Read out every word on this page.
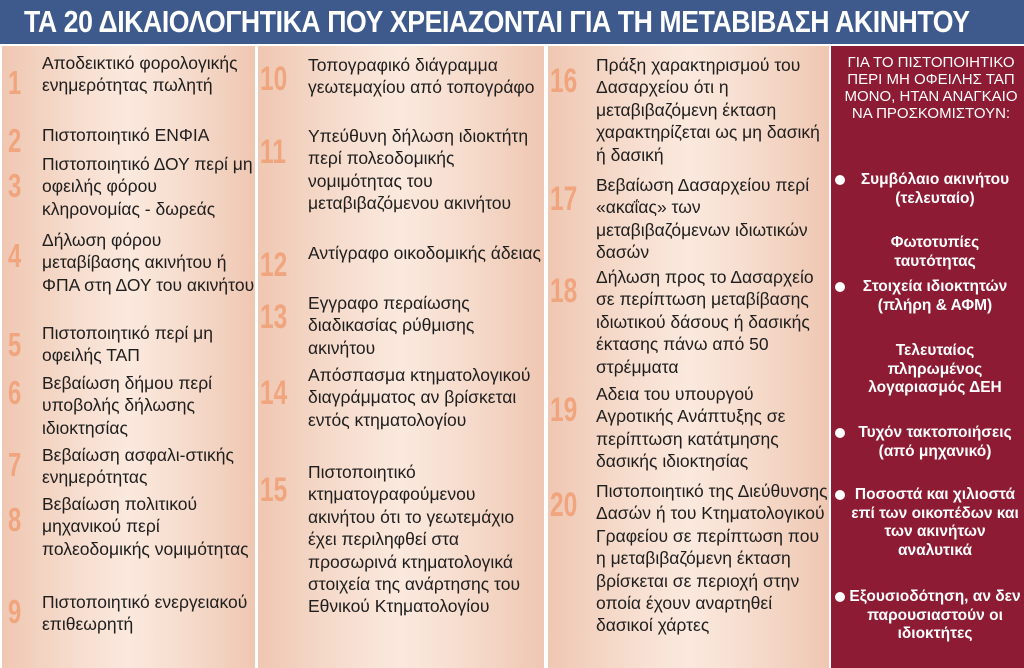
ΤΑ 20 ΔΙΚΑΙΟΛΟΓΗΤΙΚΑ ΠΟΥ ΧΡΕΙΑΖΟΝΤΑΙ ΓΙΑ ΤΗ ΜΕΤΑΒΙΒΑΣΗ ΑΚΙΝΗΤΟΥ
1
Αποδεικτικό φορολογικής ενημερότητας πωλητή
2 Πιστοποιητικό ΕΝΦΙΑ
3
Πιστοποιητικό ΔΟΥ περί μη οφειλής φόρου κληρονομίας - δωρεάς
4 Δήλωση φόρου μεταβίβασης ακινήτου ή ΦΠΑ στη ΔΟΥ του ακινήτου
5 Πιστοποιητικό περί μη οφειλής ΤΑΠ
6 Βεβαίωση δήμου περί υποβολής δήλωσης ιδιοκτησίας
7 Βεβαίωση ασφαλι-στικής ενημερότητας
8 Βεβαίωση πολιτικού μηχανικού περί πολεοδομικής νομιμότητας
9 Πιστοποιητικό ενεργειακού επιθεωρητή
10 Τοπογραφικό διάγραμμα γεωτεμαχίου από τοπογράφο
11 Υπεύθυνη δήλωση ιδιοκτήτη περί πολεοδομικής νομιμότητας του μεταβιβαζόμενου ακινήτου
12 Αντίγραφο οικοδομικής άδειας
13 Εγγραφο περαίωσης διαδικασίας ρύθμισης ακινήτου
14 Απόσπασμα κτηματολογικού διαγράμματος αν βρίσκεται εντός κτηματολογίου
15 Πιστοποιητικό κτηματογραφούμενου ακινήτου ότι το γεωτεμάχιο έχει περιληφθεί στα προσωρινά κτηματολογικά στοιχεία της ανάρτησης του Εθνικού Κτηματολογίου
16 Πράξη χαρακτηρισμού του Δασαρχείου ότι η μεταβιβαζόμενη έκταση χαρακτηρίζεται ως μη δασική ή δασική
17 Βεβαίωση Δασαρχείου περί «ακαΐας» των μεταβιβαζόμενων ιδιωτικών δασών
18 Δήλωση προς το Δασαρχείο σε περίπτωση μεταβίβασης ιδιωτικού δάσους ή δασικής έκτασης πάνω από 50 στρέμματα
19 Αδεια του υπουργού Αγροτικής Ανάπτυξης σε περίπτωση κατάτμησης δασικής ιδιοκτησίας
20 Πιστοποιητικό της Διεύθυνσης Δασών ή του Κτηματολογικού Γραφείου σε περίπτωση που η μεταβιβαζόμενη έκταση βρίσκεται σε περιοχή στην οποία έχουν αναρτηθεί δασικοί χάρτες
ΓΙΑ ΤΟ ΠΙΣΤΟΠΟΙΗΤΙΚΟ ΠΕΡΙ ΜΗ ΟΦΕΙΛΗΣ ΤΑΠ ΜΟΝΟ, ΗΤΑΝ ΑΝΑΓΚΑΙΟ ΝΑ ΠΡΟΣΚΟΜΙΣΤΟΥΝ:
Συμβόλαιο ακινήτου (τελευταίο)
Φωτοτυπίες ταυτότητας
Στοιχεία ιδιοκτητών (πλήρη & ΑΦΜ)
Τελευταίος πληρωμένος λογαριασμός ΔΕΗ
Τυχόν τακτοποιήσεις (από μηχανικό)
Ποσοστά και χιλιοστά επί των οικοπέδων και των ακινήτων αναλυτικά
Εξουσιοδότηση, αν δεν παρουσιαστούν οι ιδιοκτήτες
